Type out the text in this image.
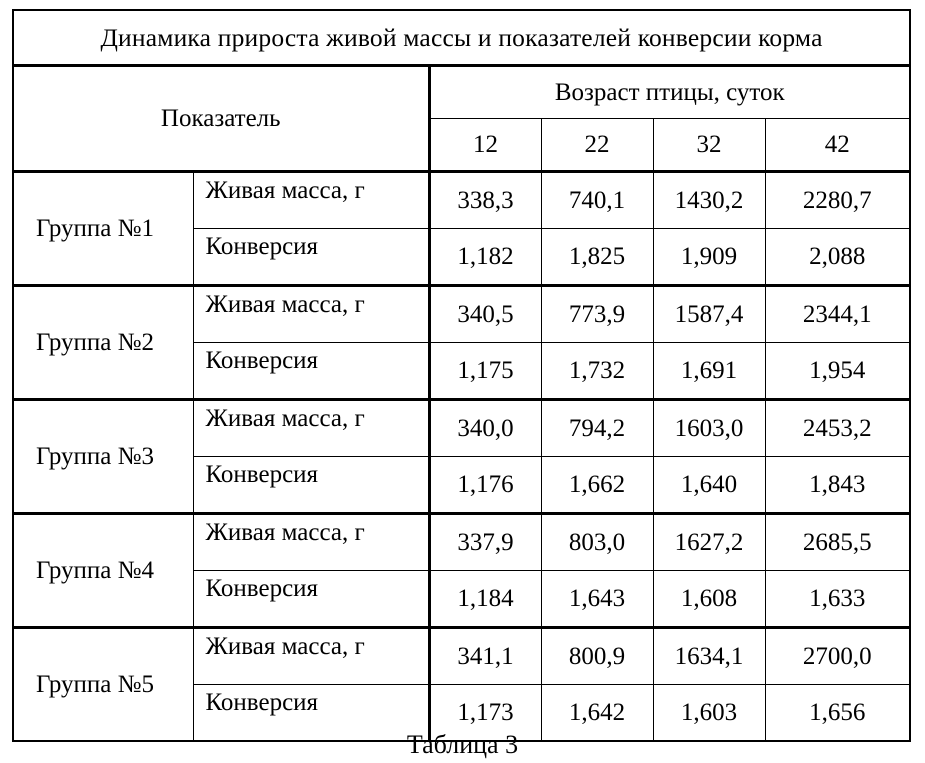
Динамика прироста живой массы и показателей конверсии корма					
Показатель		Возраст птицы, суток			
		12	22	32	42
Группа №1	Живая масса, г	338,3	740,1	1430,2	2280,7
	Конверсия	1,182	1,825	1,909	2,088
Группа №2	Живая масса, г	340,5	773,9	1587,4	2344,1
	Конверсия	1,175	1,732	1,691	1,954
Группа №3	Живая масса, г	340,0	794,2	1603,0	2453,2
	Конверсия	1,176	1,662	1,640	1,843
Группа №4	Живая масса, г	337,9	803,0	1627,2	2685,5
	Конверсия	1,184	1,643	1,608	1,633
Группа №5	Живая масса, г	341,1	800,9	1634,1	2700,0
	Конверсия	1,173	1,642	1,603	1,656
Таблица 3
